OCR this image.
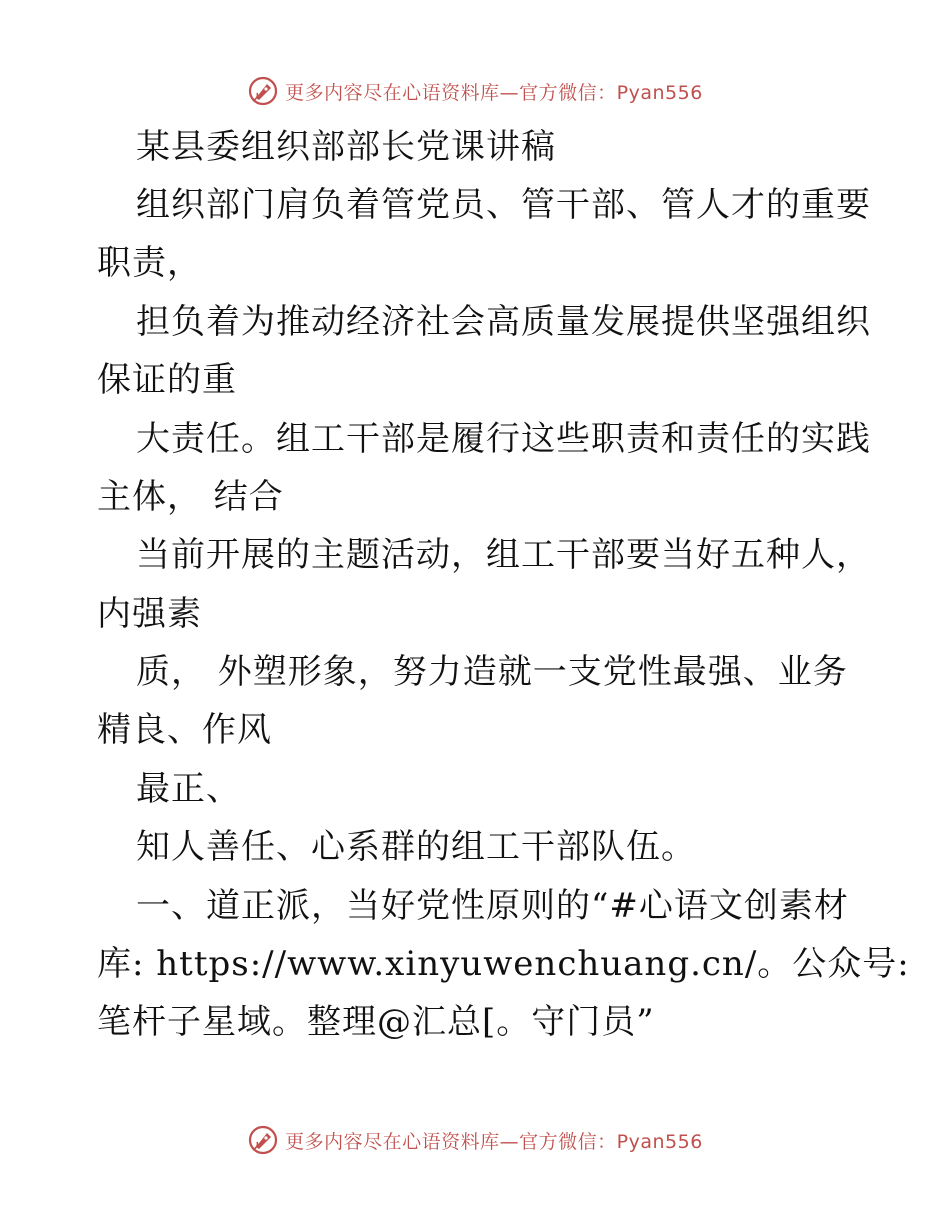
更多内容尽在心语资料库—官方微信：Pyan556
某县委组织部部长党课讲稿
组织部门肩负着管党员、管干部、管人才的重要
职责，
担负着为推动经济社会高质量发展提供坚强组织
保证的重
大责任。组工干部是履行这些职责和责任的实践
主体， 结合
当前开展的主题活动，组工干部要当好五种人，
内强素
质， 外塑形象，努力造就一支党性最强、业务
精良、作风
最正、
知人善任、心系群的组工干部队伍。
一、道正派，当好党性原则的“#心语文创素材
库: https://www.xinyuwenchuang.cn/。公众号:
笔杆子星域。整理@汇总[。守门员”
更多内容尽在心语资料库—官方微信：Pyan556
